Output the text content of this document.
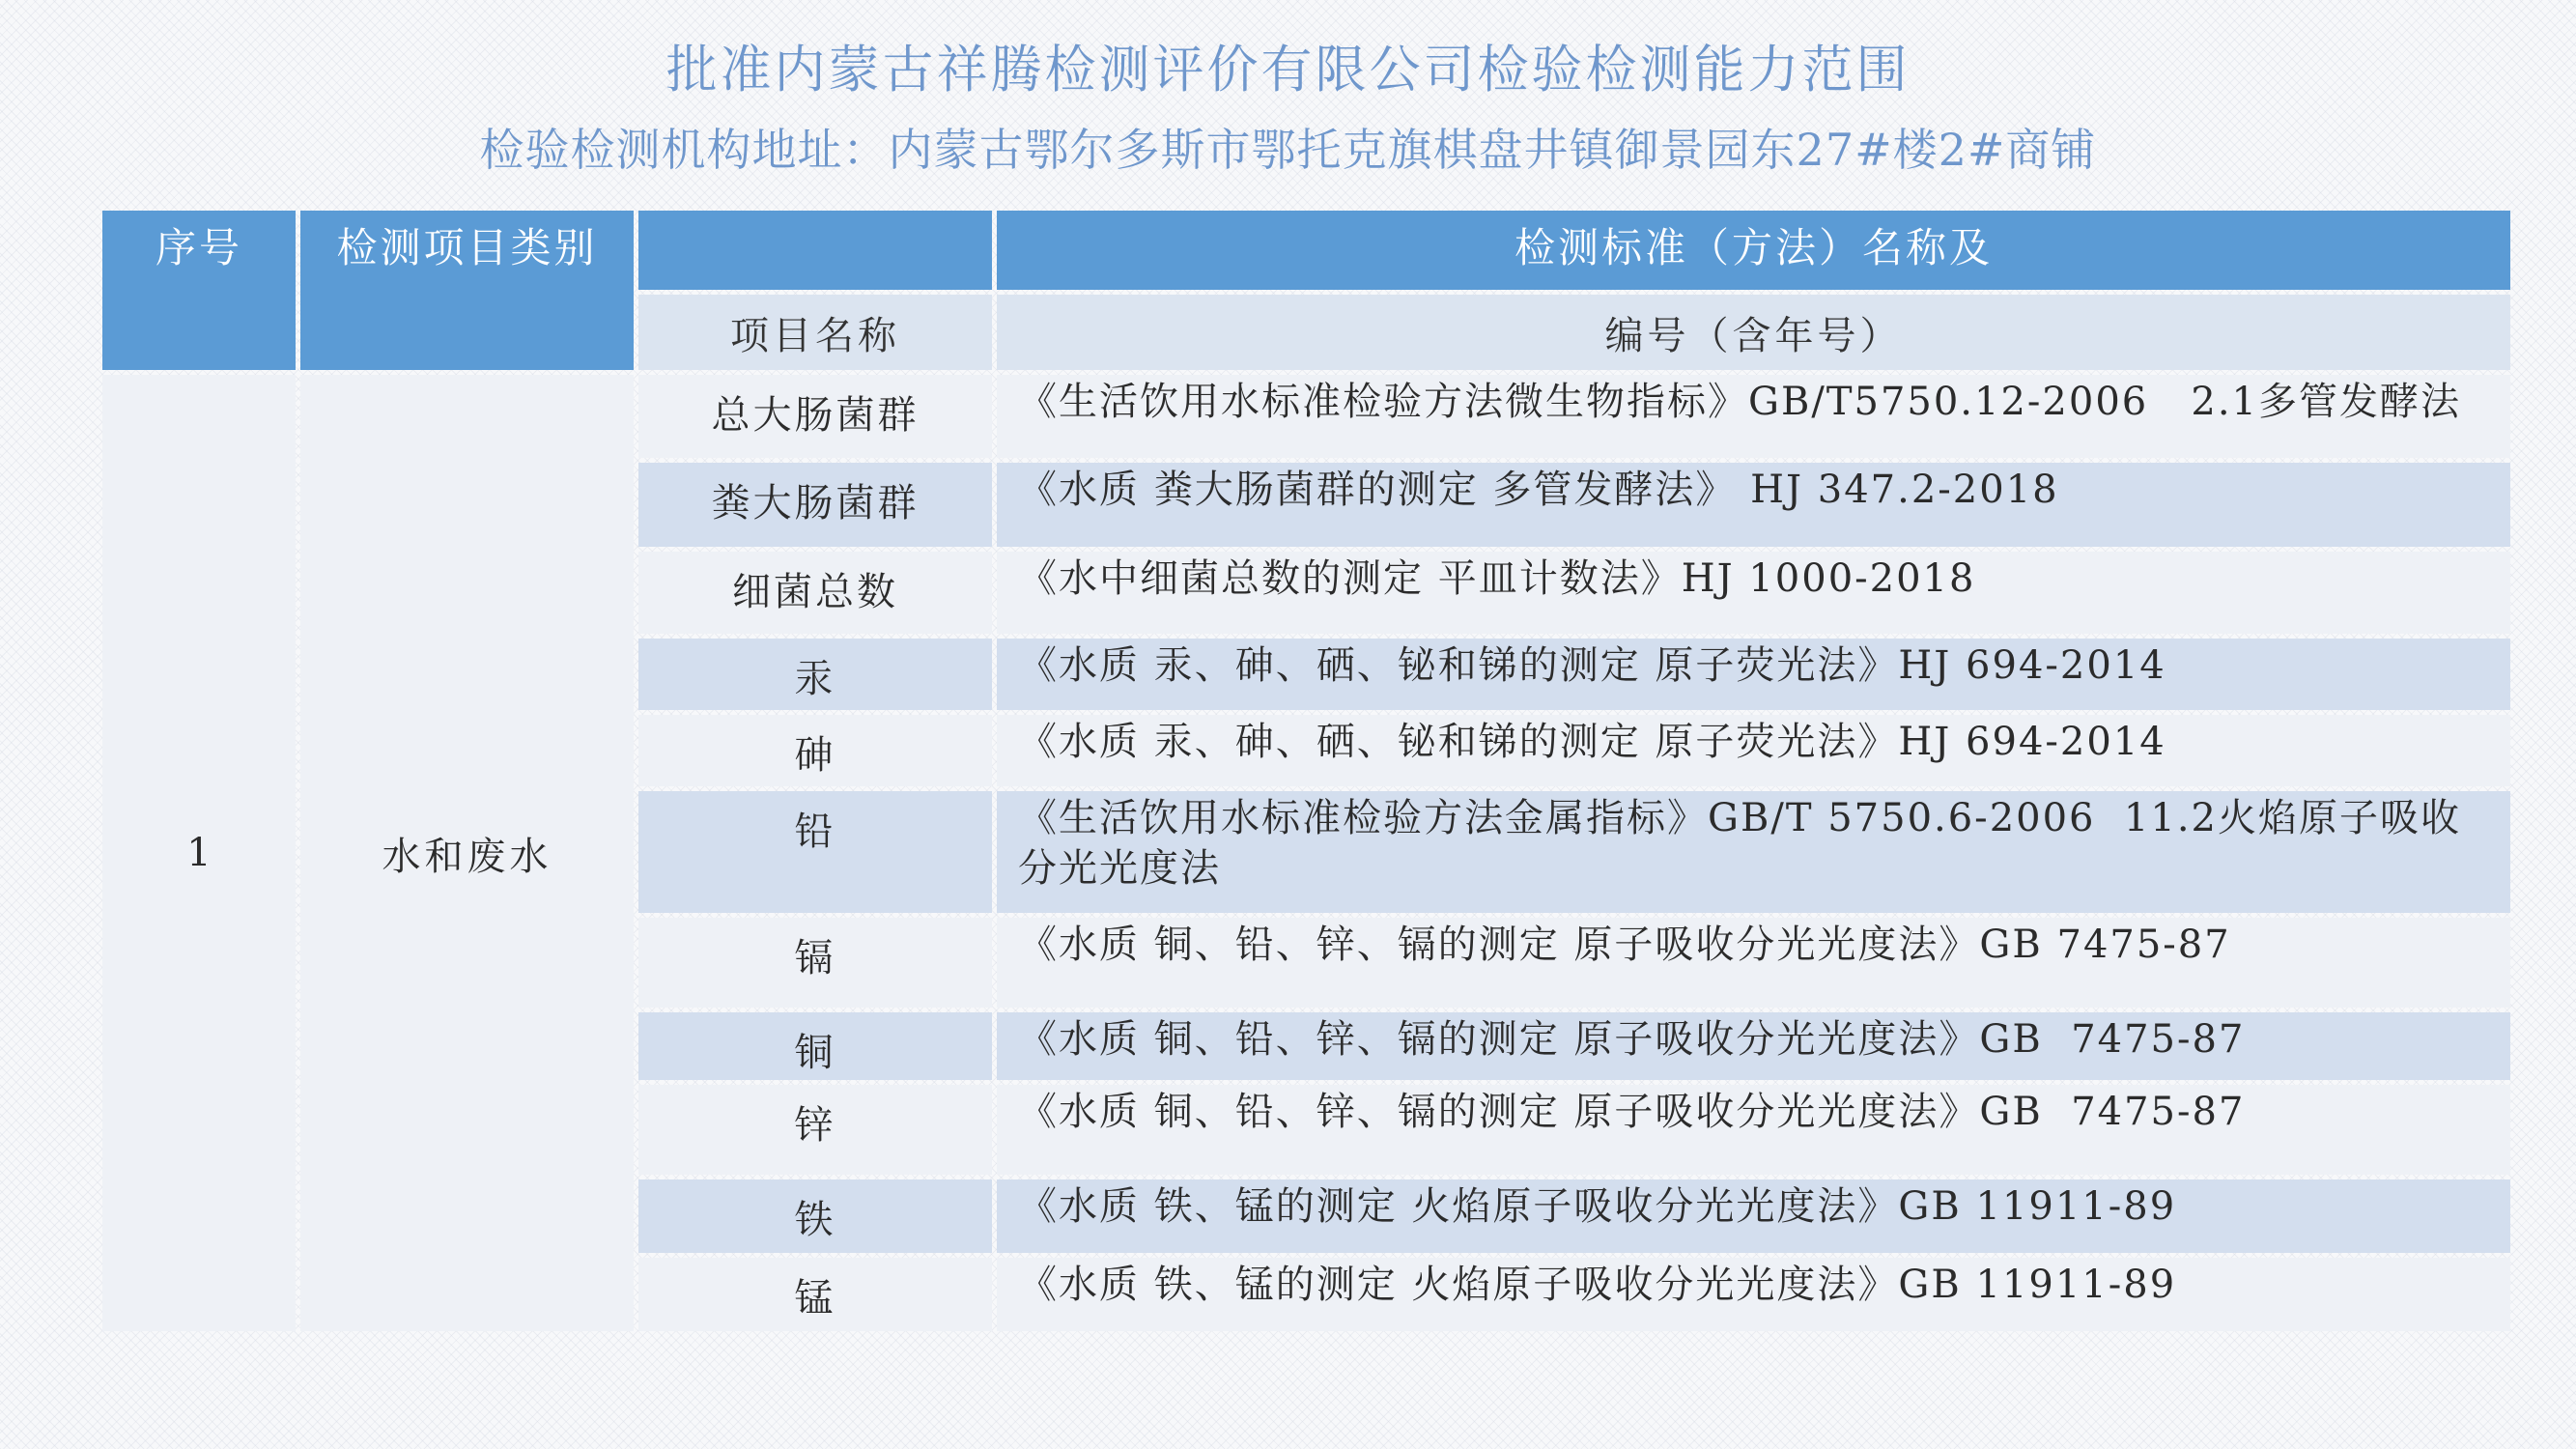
批准内蒙古祥腾检测评价有限公司检验检测能力范围
检验检测机构地址：内蒙古鄂尔多斯市鄂托克旗棋盘井镇御景园东27#楼2#商铺
序号	检测项目类别		检测标准（方法）名称及

		项目名称	编号（含年号）
1	水和废水	总大肠菌群	《生活饮用水标准检验方法微生物指标》GB/T5750.12-2006   2.1多管发酵法

		粪大肠菌群	《水质 粪大肠菌群的测定 多管发酵法》 HJ 347.2-2018

		细菌总数	《水中细菌总数的测定 平皿计数法》HJ 1000-2018

		汞	《水质 汞、砷、硒、铋和锑的测定 原子荧光法》HJ 694-2014

		砷	《水质 汞、砷、硒、铋和锑的测定 原子荧光法》HJ 694-2014

		铅	《生活饮用水标准检验方法金属指标》GB/T 5750.6-2006  11.2火焰原子吸收分光光度法

		镉	《水质 铜、铅、锌、镉的测定 原子吸收分光光度法》GB 7475-87

		铜	《水质 铜、铅、锌、镉的测定 原子吸收分光光度法》GB  7475-87

		锌	《水质 铜、铅、锌、镉的测定 原子吸收分光光度法》GB  7475-87

		铁	《水质 铁、锰的测定 火焰原子吸收分光光度法》GB 11911-89

		锰	《水质 铁、锰的测定 火焰原子吸收分光光度法》GB 11911-89
